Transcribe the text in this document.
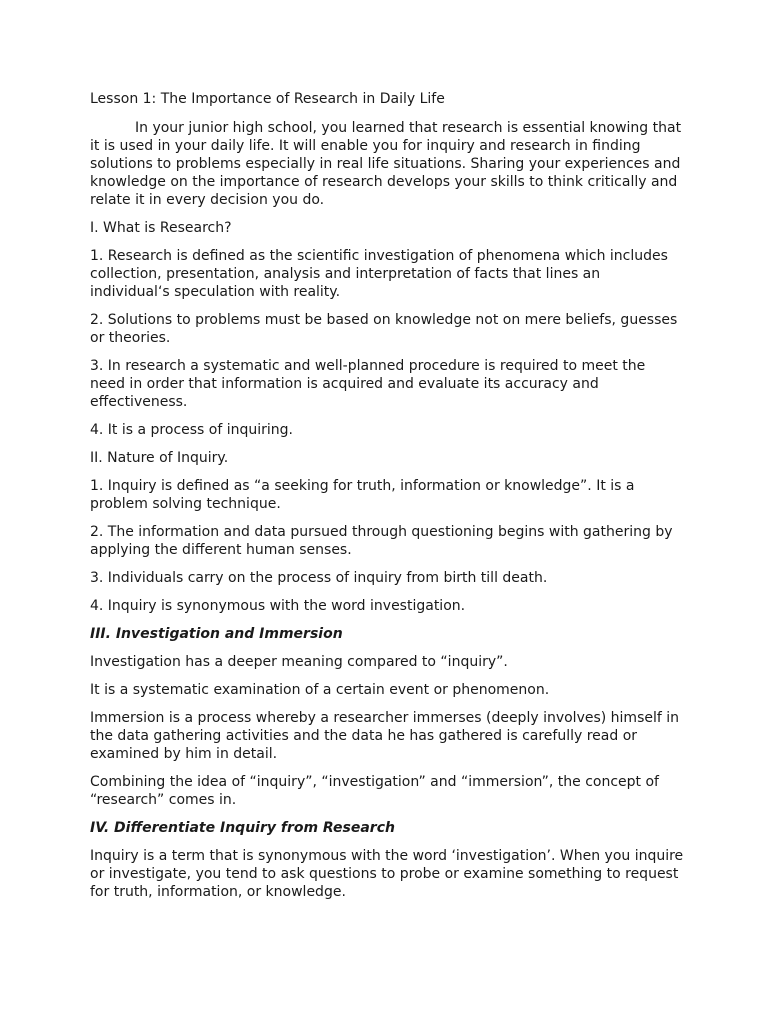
Lesson 1: The Importance of Research in Daily Life

In your junior high school, you learned that research is essential knowing that it is used in your daily life. It will enable you for inquiry and research in finding solutions to problems especially in real life situations. Sharing your experiences and knowledge on the importance of research develops your skills to think critically and relate it in every decision you do.

I. What is Research?

1. Research is defined as the scientific investigation of phenomena which includes collection, presentation, analysis and interpretation of facts that lines an individual‘s speculation with reality.

2. Solutions to problems must be based on knowledge not on mere beliefs, guesses or theories.

3. In research a systematic and well-planned procedure is required to meet the need in order that information is acquired and evaluate its accuracy and effectiveness.

4. It is a process of inquiring.

II. Nature of Inquiry.

1. Inquiry is defined as “a seeking for truth, information or knowledge”. It is a problem solving technique.

2. The information and data pursued through questioning begins with gathering by applying the different human senses.

3. Individuals carry on the process of inquiry from birth till death.

4. Inquiry is synonymous with the word investigation.

III. Investigation and Immersion

Investigation has a deeper meaning compared to “inquiry”.

It is a systematic examination of a certain event or phenomenon.

Immersion is a process whereby a researcher immerses (deeply involves) himself in the data gathering activities and the data he has gathered is carefully read or examined by him in detail.

Combining the idea of “inquiry”, “investigation” and “immersion”, the concept of “research” comes in.

IV. Differentiate Inquiry from Research

Inquiry is a term that is synonymous with the word ‘investigation’. When you inquire or investigate, you tend to ask questions to probe or examine something to request for truth, information, or knowledge.
